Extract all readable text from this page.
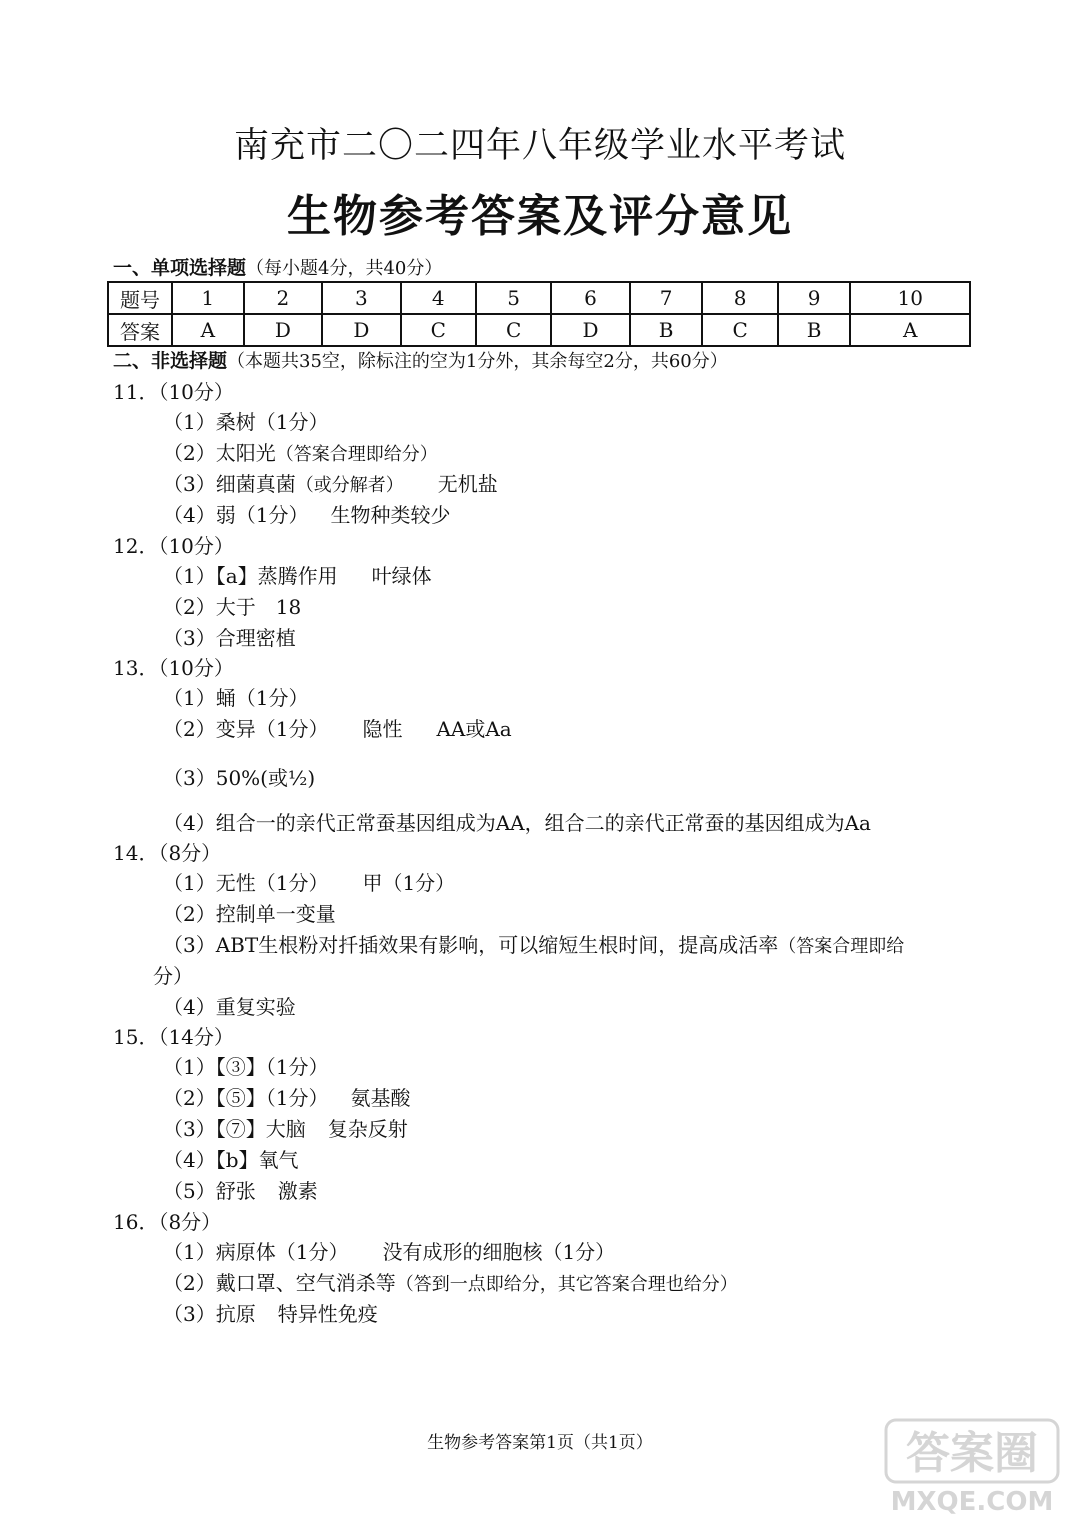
南充市二〇二四年八年级学业水平考试
生物参考答案及评分意见
一、单项选择题（每小题4分，共40分）
题号	1	2	3	4	5	6	7	8	9	10
答案	A	D	D	C	C	D	B	C	B	A
二、非选择题（本题共35空，除标注的空为1分外，其余每空2分，共60分）
11．（10分）
（1）桑树（1分）
（2）太阳光（答案合理即给分）
（3）细菌真菌（或分解者） 无机盐
（4）弱（1分） 生物种类较少
12．（10分）
（1）【a】蒸腾作用 叶绿体
（2）大于　18
（3）合理密植
13．（10分）
（1）蛹（1分）
（2）变异（1分） 隐性 AA或Aa
（3）50%(或½)
（4）组合一的亲代正常蚕基因组成为AA，组合二的亲代正常蚕的基因组成为Aa
14．（8分）
（1）无性（1分） 甲（1分）
（2）控制单一变量
（3）ABT生根粉对扦插效果有影响，可以缩短生根时间，提高成活率（答案合理即给
分）
（4）重复实验
15．（14分）
（1）【③】（1分）
（2）【⑤】（1分） 氨基酸
（3）【⑦】大脑 复杂反射
（4）【b】氧气
（5）舒张 激素
16．（8分）
（1）病原体（1分） 没有成形的细胞核（1分）
（2）戴口罩、空气消杀等（答到一点即给分，其它答案合理也给分）
（3）抗原 特异性免疫
生物参考答案第1页（共1页）	答案圈
MXQE.COM
